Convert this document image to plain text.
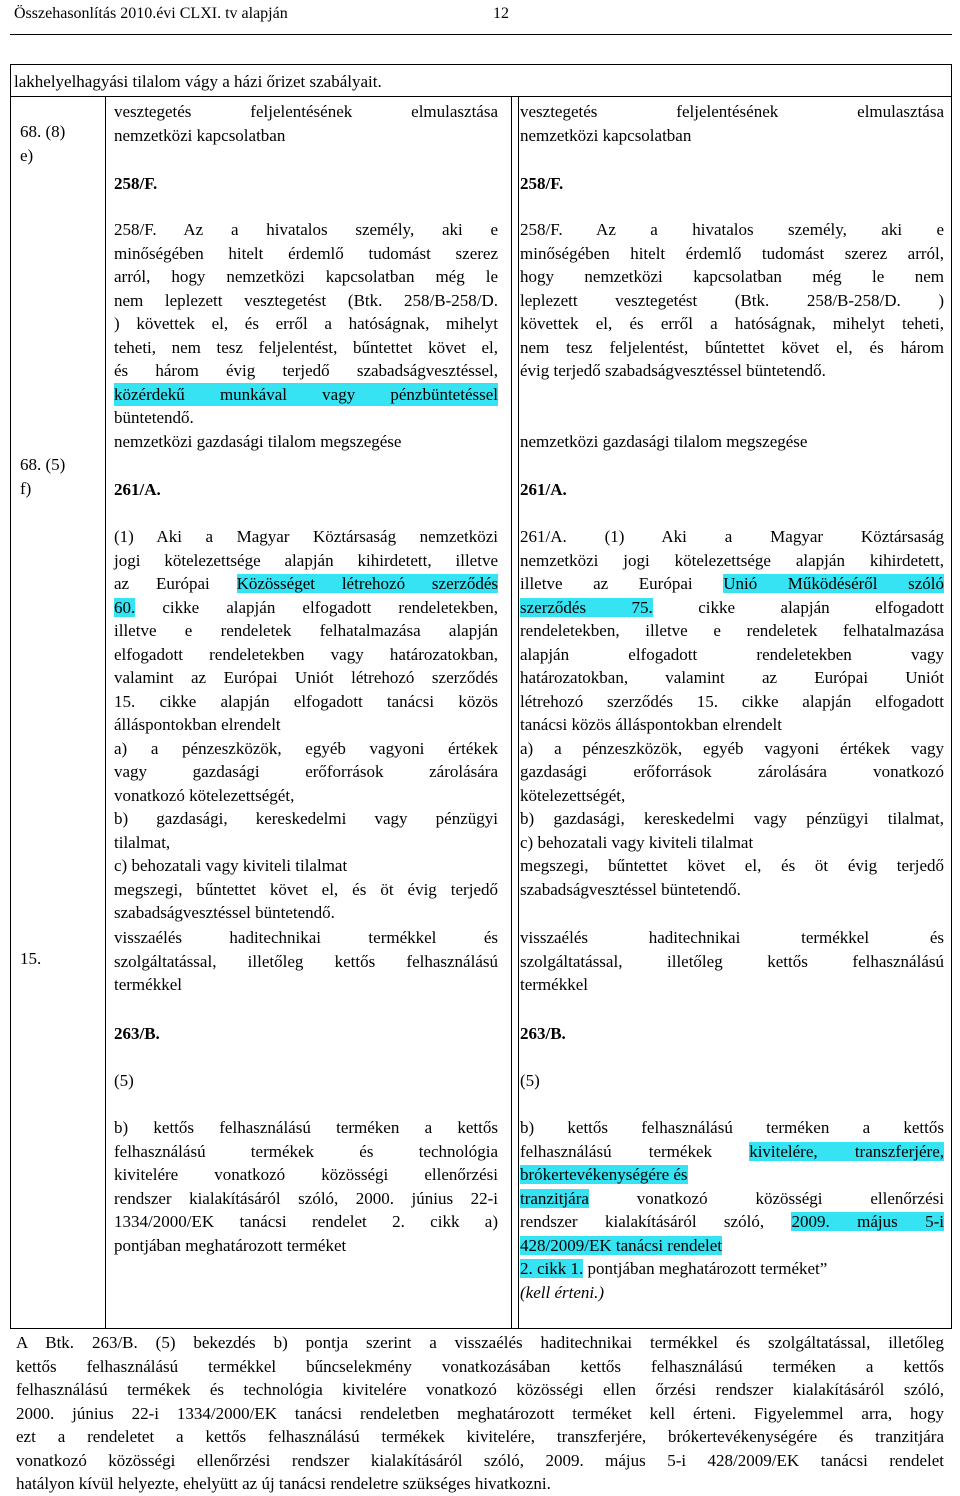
Összehasonlítás 2010.évi CLXI. tv alapján	12
lakhelyelhagyási tilalom vágy a házi őrizet szabályait.
68. (8)
e)
68. (5)
f)
15.
vesztegetés feljelentésének elmulasztása
nemzetközi kapcsolatban
258/F.
258/F. Az a hivatalos személy, aki e
minőségében hitelt érdemlő tudomást szerez
arról, hogy nemzetközi kapcsolatban még le
nem leplezett vesztegetést (Btk. 258/B-258/D.
) követtek el, és erről a hatóságnak, mihelyt
teheti, nem tesz feljelentést, bűntettet követ el,
és három évig terjedő szabadságvesztéssel,
közérdekű munkával vagy pénzbüntetéssel
büntetendő.
nemzetközi gazdasági tilalom megszegése
261/A.
(1) Aki a Magyar Köztársaság nemzetközi
jogi kötelezettsége alapján kihirdetett, illetve
az Európai Közösséget létrehozó szerződés
60. cikke alapján elfogadott rendeletekben,
illetve e rendeletek felhatalmazása alapján
elfogadott rendeletekben vagy határozatokban,
valamint az Európai Uniót létrehozó szerződés
15. cikke alapján elfogadott tanácsi közös
álláspontokban elrendelt
a) a pénzeszközök, egyéb vagyoni értékek
vagy gazdasági erőforrások zárolására
vonatkozó kötelezettségét,
b) gazdasági, kereskedelmi vagy pénzügyi
tilalmat,
c) behozatali vagy kiviteli tilalmat
megszegi, bűntettet követ el, és öt évig terjedő
szabadságvesztéssel büntetendő.
visszaélés haditechnikai termékkel és
szolgáltatással, illetőleg kettős felhasználású
termékkel
263/B.
(5)
b) kettős felhasználású terméken a kettős
felhasználású termékek és technológia
kivitelére vonatkozó közösségi ellenőrzési
rendszer kialakításáról szóló, 2000. június 22-i
1334/2000/EK tanácsi rendelet 2. cikk a)
pontjában meghatározott terméket
vesztegetés feljelentésének elmulasztása
nemzetközi kapcsolatban
258/F.
258/F. Az a hivatalos személy, aki e
minőségében hitelt érdemlő tudomást szerez arról,
hogy nemzetközi kapcsolatban még le nem
leplezett vesztegetést (Btk. 258/B-258/D. )
követtek el, és erről a hatóságnak, mihelyt teheti,
nem tesz feljelentést, bűntettet követ el, és három
évig terjedő szabadságvesztéssel büntetendő.
nemzetközi gazdasági tilalom megszegése
261/A.
261/A. (1) Aki a Magyar Köztársaság
nemzetközi jogi kötelezettsége alapján kihirdetett,
illetve az Európai Unió Működéséről szóló
szerződés 75. cikke alapján elfogadott
rendeletekben, illetve e rendeletek felhatalmazása
alapján elfogadott rendeletekben vagy
határozatokban, valamint az Európai Uniót
létrehozó szerződés 15. cikke alapján elfogadott
tanácsi közös álláspontokban elrendelt
a) a pénzeszközök, egyéb vagyoni értékek vagy
gazdasági erőforrások zárolására vonatkozó
kötelezettségét,
b) gazdasági, kereskedelmi vagy pénzügyi tilalmat,
c) behozatali vagy kiviteli tilalmat
megszegi, bűntettet követ el, és öt évig terjedő
szabadságvesztéssel büntetendő.
visszaélés haditechnikai termékkel és
szolgáltatással, illetőleg kettős felhasználású
termékkel
263/B.
(5)
b) kettős felhasználású terméken a kettős
felhasználású termékek kivitelére, transzferjére,
brókertevékenységére és
tranzitjára vonatkozó közösségi ellenőrzési
rendszer kialakításáról szóló, 2009. május 5-i
428/2009/EK tanácsi rendelet
2. cikk 1. pontjában meghatározott terméket”
(kell érteni.)
A Btk. 263/B. (5) bekezdés b) pontja szerint a visszaélés haditechnikai termékkel és szolgáltatással, illetőleg
kettős felhasználású termékkel bűncselekmény vonatkozásában kettős felhasználású terméken a kettős
felhasználású termékek és technológia kivitelére vonatkozó közösségi ellen őrzési rendszer kialakításáról szóló,
2000. június 22-i 1334/2000/EK tanácsi rendeletben meghatározott terméket kell érteni. Figyelemmel arra, hogy
ezt a rendeletet a kettős felhasználású termékek kivitelére, transzferjére, brókertevékenységére és tranzitjára
vonatkozó közösségi ellenőrzési rendszer kialakításáról szóló, 2009. május 5-i 428/2009/EK tanácsi rendelet
hatályon kívül helyezte, ehelyütt az új tanácsi rendeletre szükséges hivatkozni.
